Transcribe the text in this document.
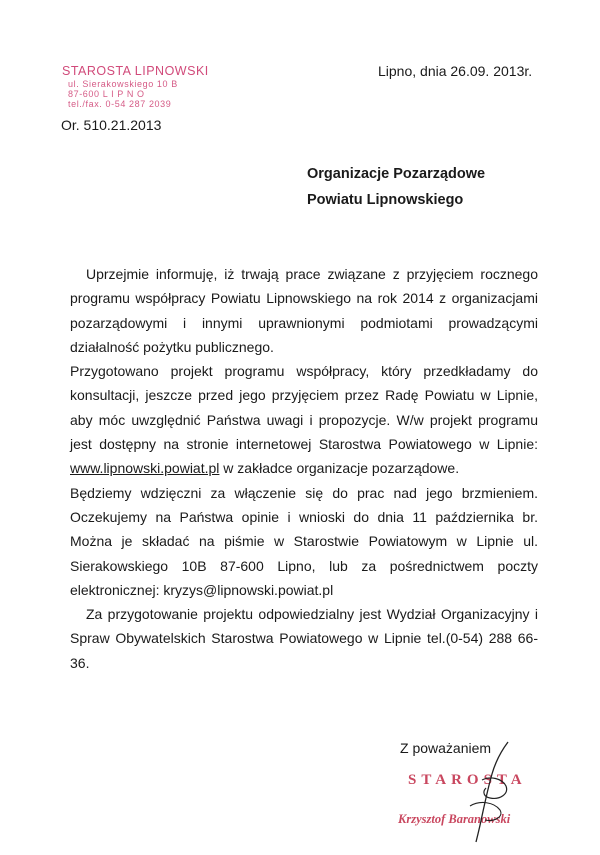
STAROSTA LIPNOWSKI
ul. Sierakowskiego 10 B
87-600 L I P N O
tel./fax. 0-54 287 2039
Lipno, dnia 26.09. 2013r.
Or. 510.21.2013
Organizacje Pozarządowe
Powiatu Lipnowskiego

Uprzejmie informuję, iż trwają prace związane z przyjęciem rocznego programu współpracy Powiatu Lipnowskiego na rok 2014 z organizacjami pozarządowymi i innymi uprawnionymi podmiotami prowadzącymi działalność pożytku publicznego.

Przygotowano projekt programu współpracy, który przedkładamy do konsultacji, jeszcze przed jego przyjęciem przez Radę Powiatu w Lipnie, aby móc uwzględnić Państwa uwagi i propozycje. W/w projekt programu jest dostępny na stronie internetowej Starostwa Powiatowego w Lipnie: www.lipnowski.powiat.pl w zakładce organizacje pozarządowe.

Będziemy wdzięczni za włączenie się do prac nad jego brzmieniem. Oczekujemy na Państwa opinie i wnioski do dnia 11 października br. Można je składać na piśmie w Starostwie Powiatowym w Lipnie ul. Sierakowskiego 10B 87-600 Lipno, lub za pośrednictwem poczty elektronicznej: kryzys@lipnowski.powiat.pl

Za przygotowanie projektu odpowiedzialny jest Wydział Organizacyjny i Spraw Obywatelskich Starostwa Powiatowego w Lipnie tel.(0-54) 288 66-36.

Z poważaniem
STAROSTA
Krzysztof Baranowski
